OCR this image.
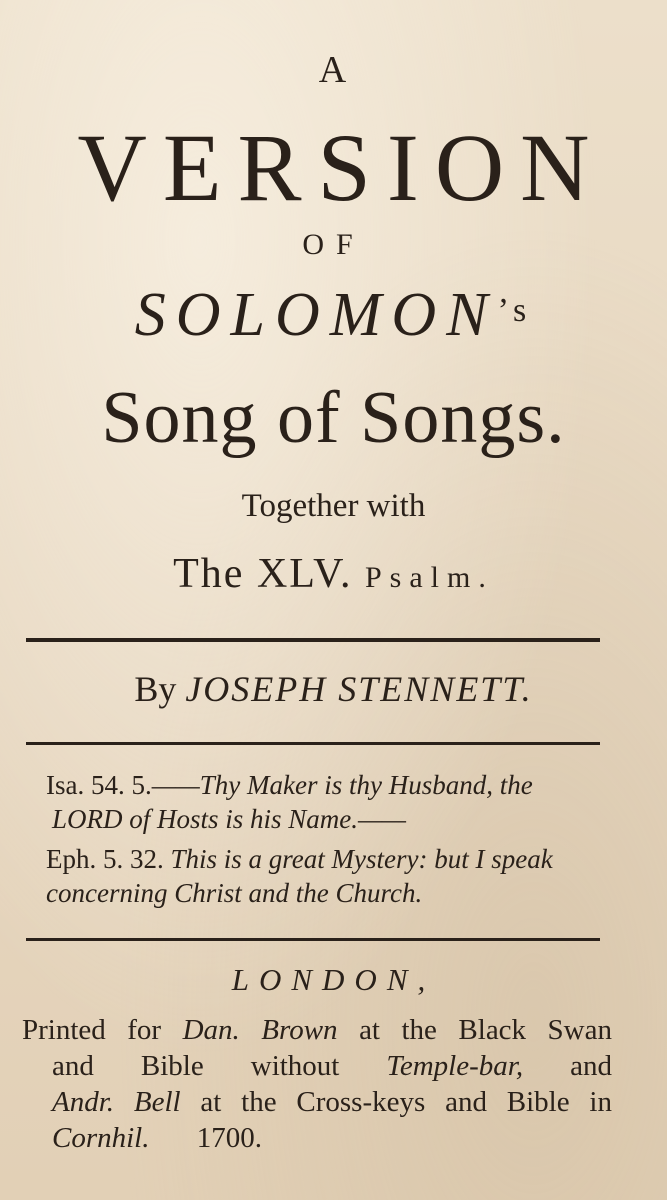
A
VERSION
OF
$SOLOMON^{’s}$
Song of Songs.
Together with
The XLV. Psalm.
By JOSEPH STENNETT.
Isa. 54. 5.——Thy Maker is thy Husband, the
LORD of Hosts is his Name.——
Eph. 5. 32. This is a great Mystery: but I speak
concerning Christ and the Church.
LONDON,
Printed for Dan. Brown at the Black Swan
and Bible without Temple-bar, and
Andr. Bell at the Cross-keys and Bible in
Cornhil. 1700.
